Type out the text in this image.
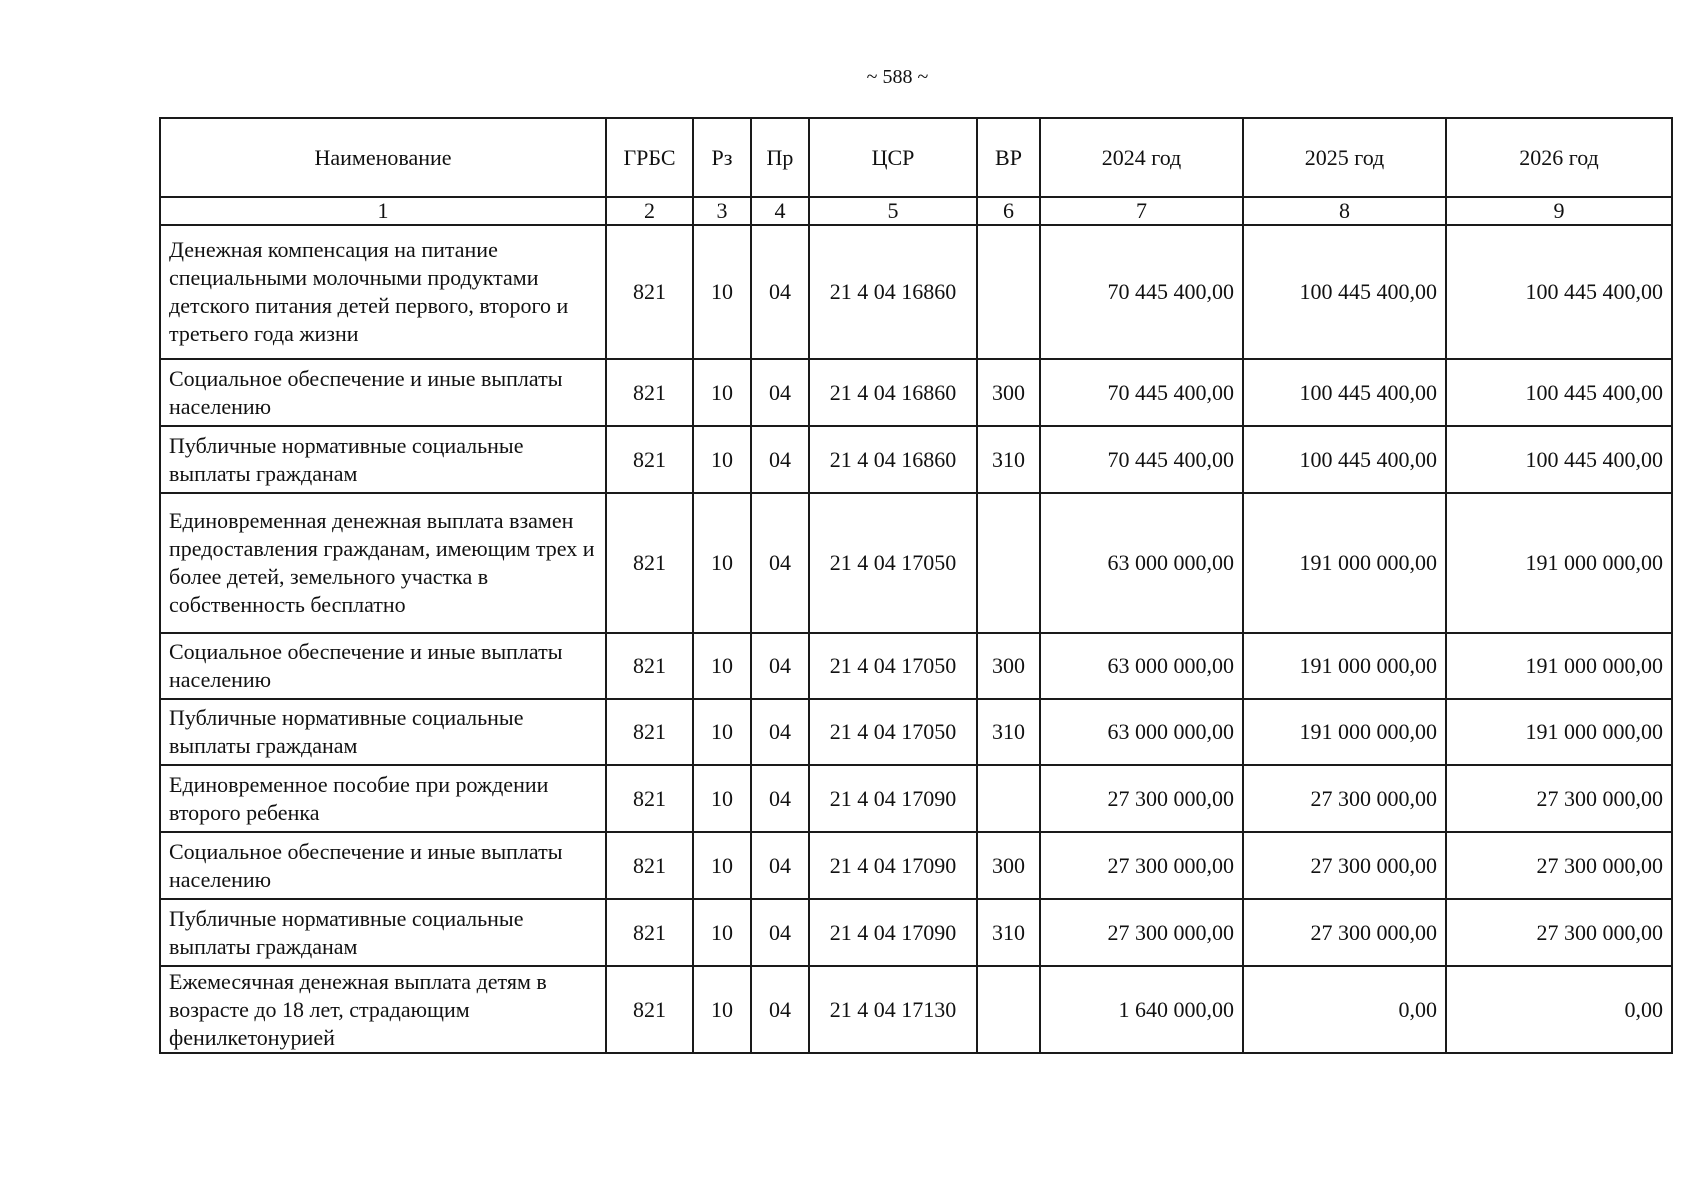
~ 588 ~
Наименование	ГРБС	Рз	Пр	ЦСР	ВР	2024 год	2025 год	2026 год
1	2	3	4	5	6	7	8	9
Денежная компенсация на питание специальными молочными продуктами детского питания детей первого, второго и третьего года жизни	821	10	04	21 4 04 16860		70 445 400,00	100 445 400,00	100 445 400,00
Социальное обеспечение и иные выплаты населению	821	10	04	21 4 04 16860	300	70 445 400,00	100 445 400,00	100 445 400,00
Публичные нормативные социальные выплаты гражданам	821	10	04	21 4 04 16860	310	70 445 400,00	100 445 400,00	100 445 400,00
Единовременная денежная выплата взамен предоставления гражданам, имеющим трех и более детей, земельного участка в собственность бесплатно	821	10	04	21 4 04 17050		63 000 000,00	191 000 000,00	191 000 000,00
Социальное обеспечение и иные выплаты населению	821	10	04	21 4 04 17050	300	63 000 000,00	191 000 000,00	191 000 000,00
Публичные нормативные социальные выплаты гражданам	821	10	04	21 4 04 17050	310	63 000 000,00	191 000 000,00	191 000 000,00
Единовременное пособие при рождении второго ребенка	821	10	04	21 4 04 17090		27 300 000,00	27 300 000,00	27 300 000,00
Социальное обеспечение и иные выплаты населению	821	10	04	21 4 04 17090	300	27 300 000,00	27 300 000,00	27 300 000,00
Публичные нормативные социальные выплаты гражданам	821	10	04	21 4 04 17090	310	27 300 000,00	27 300 000,00	27 300 000,00
Ежемесячная денежная выплата детям в возрасте до 18 лет, страдающим фенилкетонурией	821	10	04	21 4 04 17130		1 640 000,00	0,00	0,00
